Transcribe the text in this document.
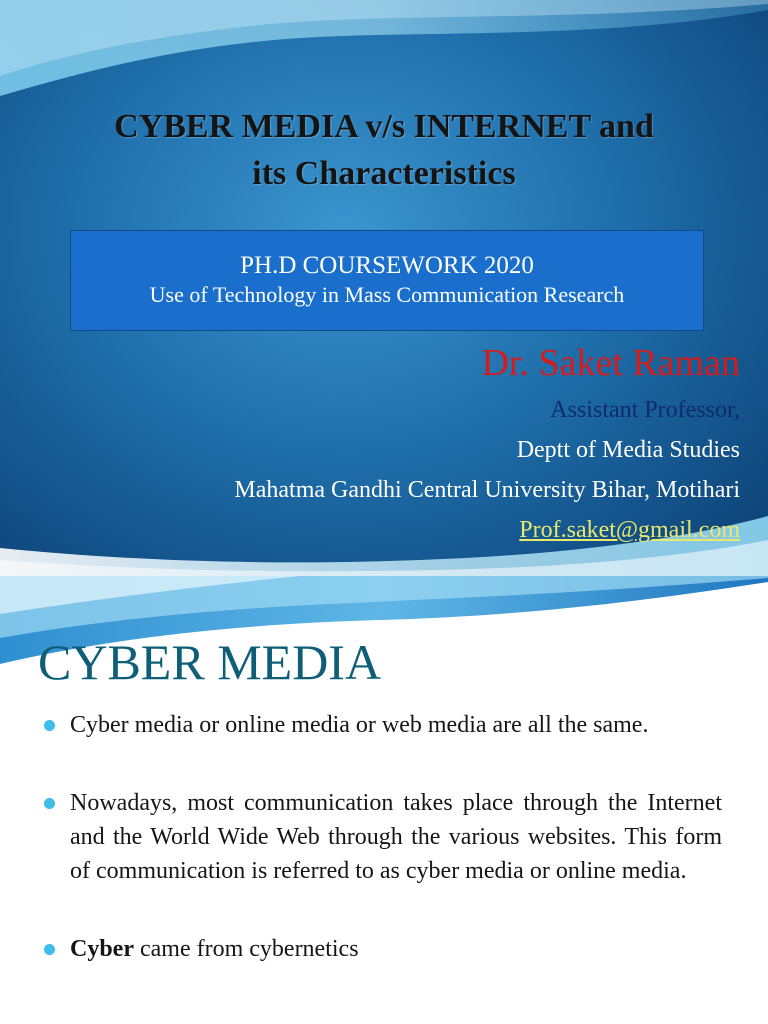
CYBER MEDIA v/s INTERNET and
its Characteristics
PH.D COURSEWORK 2020
Use of Technology in Mass Communication Research
Dr. Saket Raman
Assistant Professor,
Deptt of Media Studies
Mahatma Gandhi Central University Bihar, Motihari
Prof.saket@gmail.com
CYBER MEDIA
Cyber media or online media or web media are all the same.
Nowadays, most communication takes place through the Internet and the World Wide Web through the various websites. This form of communication is referred to as cyber media or online media.
Cyber came from cybernetics
